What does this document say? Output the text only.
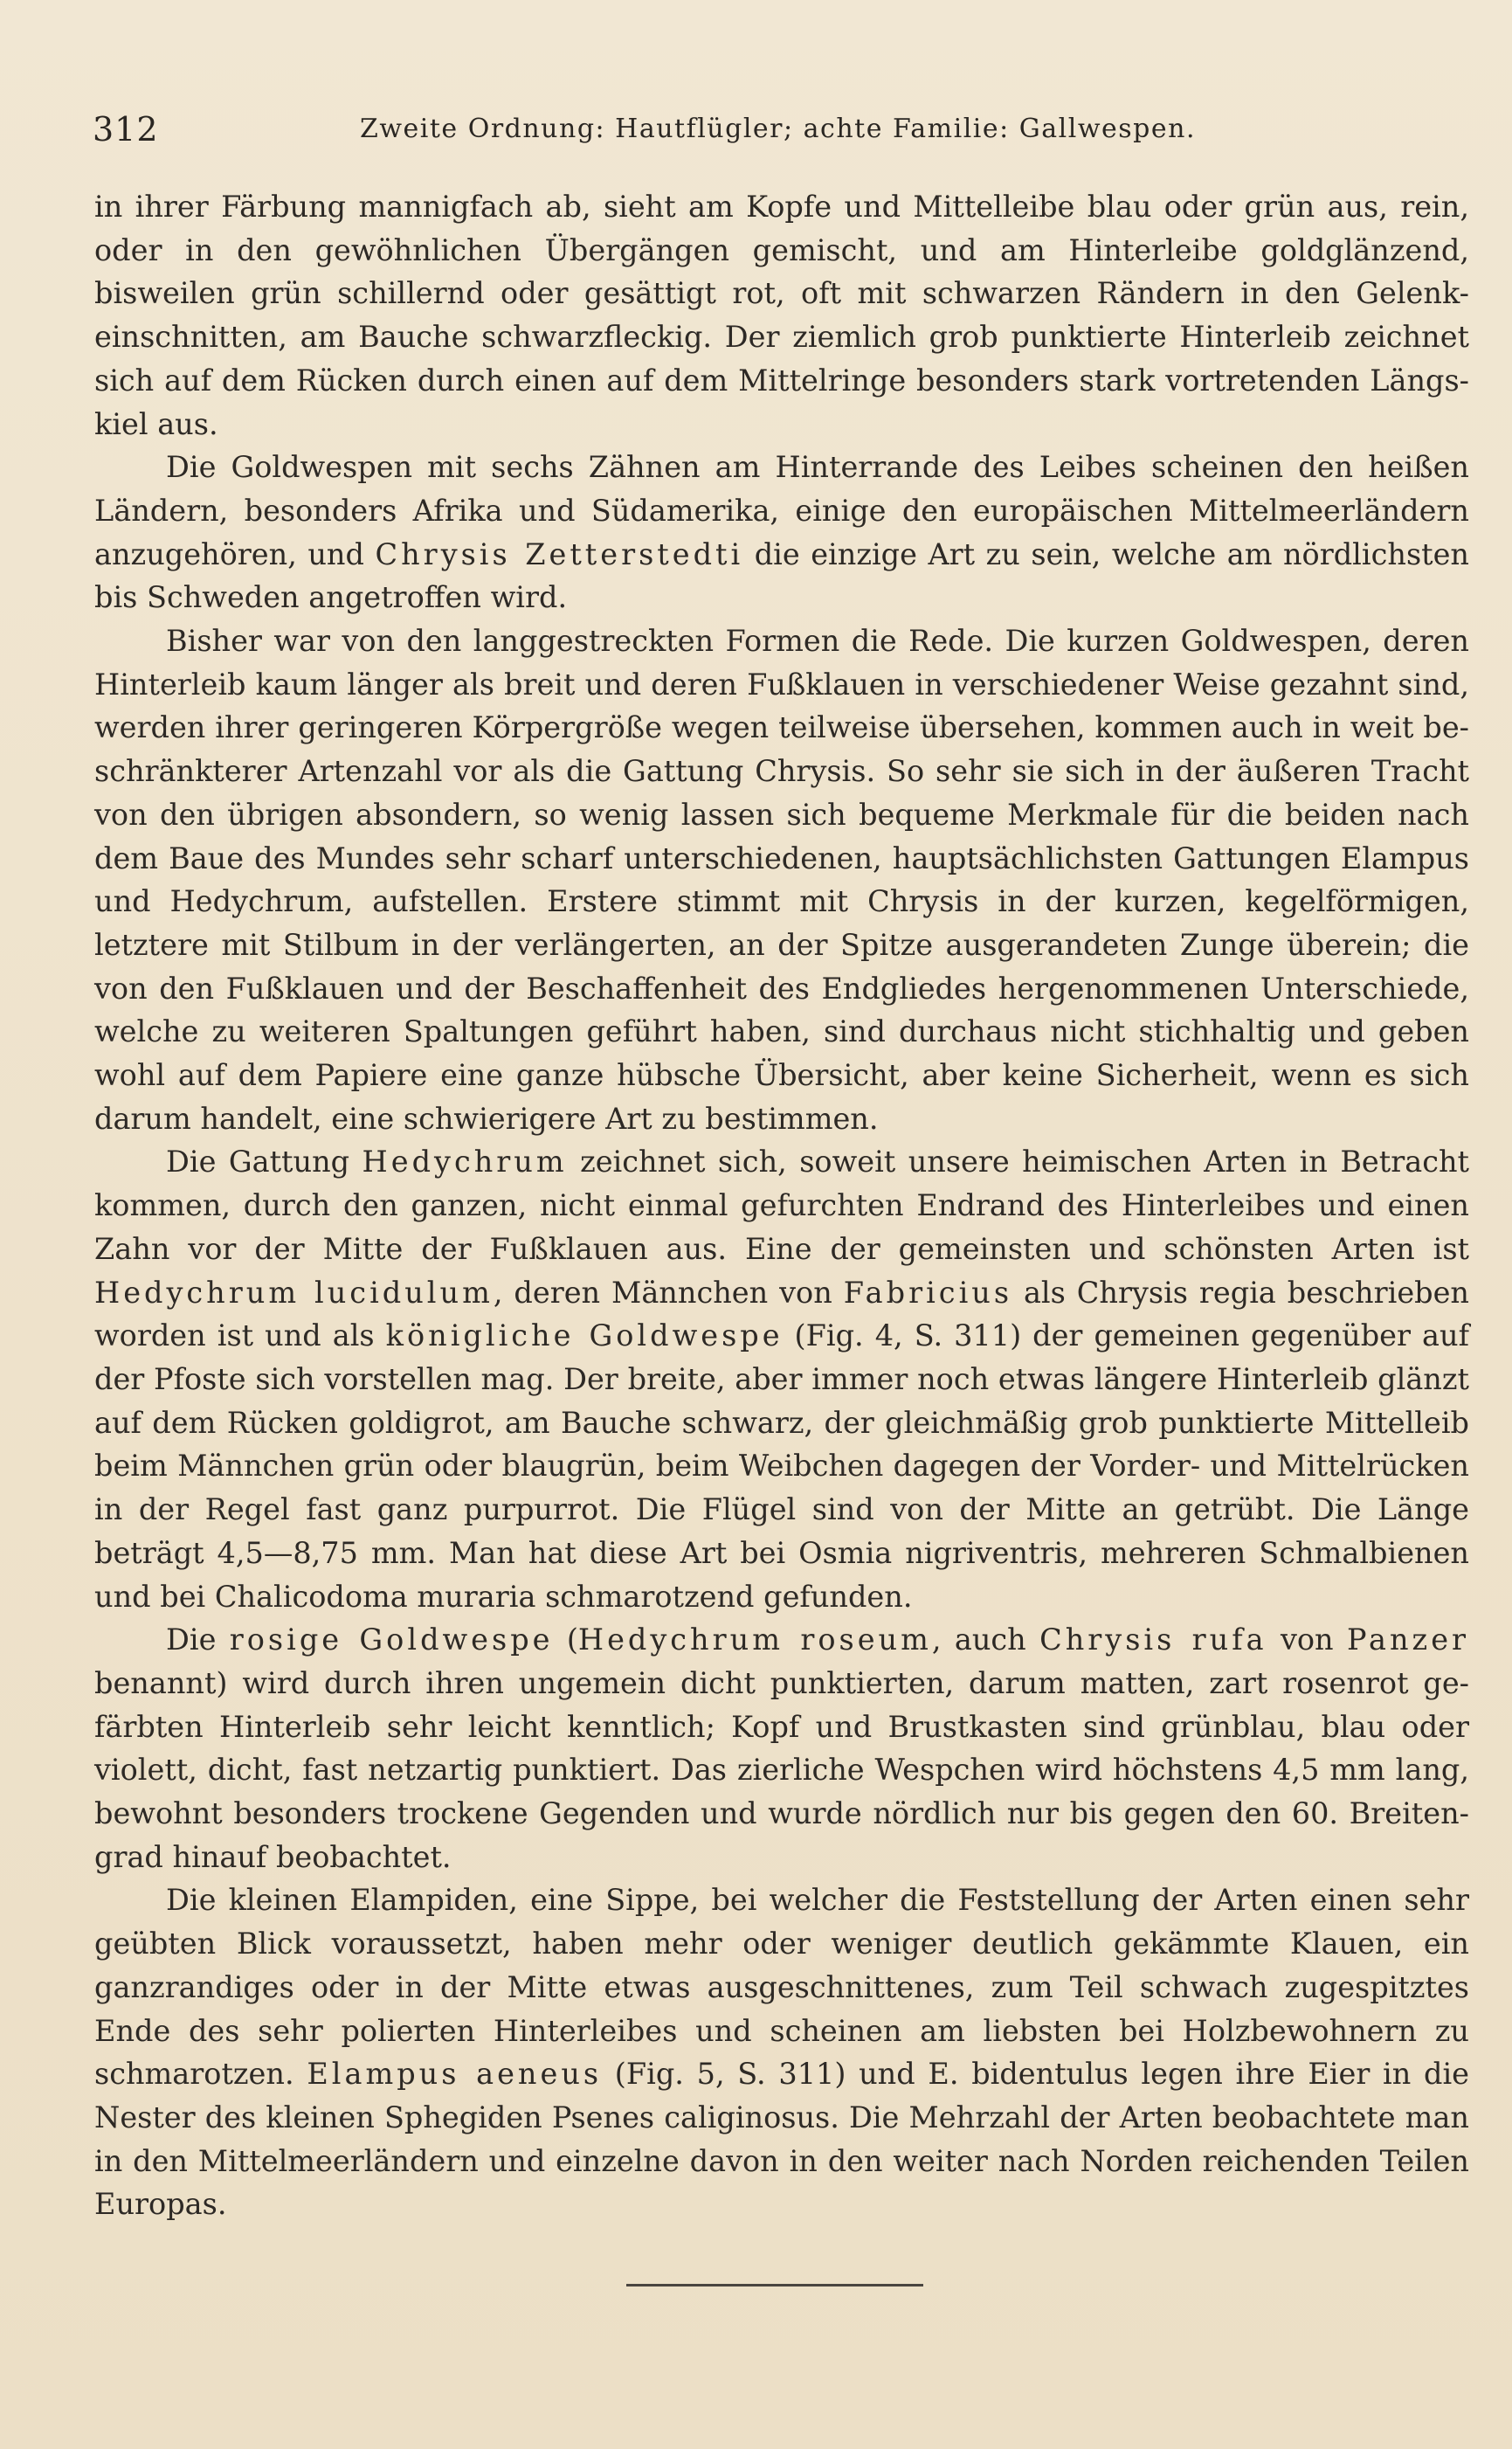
312	Zweite Ordnung: Hautflügler; achte Familie: Gallwespen.

in ihrer Färbung mannigfach ab, sieht am Kopfe und Mittelleibe blau oder grün aus, rein, oder in den gewöhnlichen Übergängen gemischt, und am Hinterleibe goldglänzend, bisweilen grün schillernd oder gesättigt rot, oft mit schwarzen Rändern in den Gelenk-einschnitten, am Bauche schwarzfleckig. Der ziemlich grob punktierte Hinterleib zeichnet sich auf dem Rücken durch einen auf dem Mittelringe besonders stark vortretenden Längs-kiel aus.

Die Goldwespen mit sechs Zähnen am Hinterrande des Leibes scheinen den heißen Ländern, besonders Afrika und Südamerika, einige den europäischen Mittelmeerländern anzugehören, und Chrysis Zetterstedti die einzige Art zu sein, welche am nördlichsten bis Schweden angetroffen wird.

Bisher war von den langgestreckten Formen die Rede. Die kurzen Goldwespen, deren Hinterleib kaum länger als breit und deren Fußklauen in verschiedener Weise gezahnt sind, werden ihrer geringeren Körpergröße wegen teilweise übersehen, kommen auch in weit be-schränkterer Artenzahl vor als die Gattung Chrysis. So sehr sie sich in der äußeren Tracht von den übrigen absondern, so wenig lassen sich bequeme Merkmale für die beiden nach dem Baue des Mundes sehr scharf unterschiedenen, hauptsächlichsten Gattungen Elampus und Hedychrum, aufstellen. Erstere stimmt mit Chrysis in der kurzen, kegelförmigen, letztere mit Stilbum in der verlängerten, an der Spitze ausgerandeten Zunge überein; die von den Fußklauen und der Beschaffenheit des Endgliedes hergenommenen Unterschiede, welche zu weiteren Spaltungen geführt haben, sind durchaus nicht stichhaltig und geben wohl auf dem Papiere eine ganze hübsche Übersicht, aber keine Sicherheit, wenn es sich darum handelt, eine schwierigere Art zu bestimmen.

Die Gattung Hedychrum zeichnet sich, soweit unsere heimischen Arten in Betracht kommen, durch den ganzen, nicht einmal gefurchten Endrand des Hinterleibes und einen Zahn vor der Mitte der Fußklauen aus. Eine der gemeinsten und schönsten Arten ist Hedychrum lucidulum, deren Männchen von Fabricius als Chrysis regia beschrieben worden ist und als königliche Goldwespe (Fig. 4, S. 311) der gemeinen gegenüber auf der Pfoste sich vorstellen mag. Der breite, aber immer noch etwas längere Hinterleib glänzt auf dem Rücken goldigrot, am Bauche schwarz, der gleichmäßig grob punktierte Mittelleib beim Männchen grün oder blaugrün, beim Weibchen dagegen der Vorder- und Mittelrücken in der Regel fast ganz purpurrot. Die Flügel sind von der Mitte an getrübt. Die Länge beträgt 4,5—8,75 mm. Man hat diese Art bei Osmia nigriventris, mehreren Schmalbienen und bei Chalicodoma muraria schmarotzend gefunden.

Die rosige Goldwespe (Hedychrum roseum, auch Chrysis rufa von Panzer benannt) wird durch ihren ungemein dicht punktierten, darum matten, zart rosenrot ge-färbten Hinterleib sehr leicht kenntlich; Kopf und Brustkasten sind grünblau, blau oder violett, dicht, fast netzartig punktiert. Das zierliche Wespchen wird höchstens 4,5 mm lang, bewohnt besonders trockene Gegenden und wurde nördlich nur bis gegen den 60. Breiten-grad hinauf beobachtet.

Die kleinen Elampiden, eine Sippe, bei welcher die Feststellung der Arten einen sehr geübten Blick voraussetzt, haben mehr oder weniger deutlich gekämmte Klauen, ein ganzrandiges oder in der Mitte etwas ausgeschnittenes, zum Teil schwach zugespitztes Ende des sehr polierten Hinterleibes und scheinen am liebsten bei Holzbewohnern zu schmarotzen. Elampus aeneus (Fig. 5, S. 311) und E. bidentulus legen ihre Eier in die Nester des kleinen Sphegiden Psenes caliginosus. Die Mehrzahl der Arten beobachtete man in den Mittelmeerländern und einzelne davon in den weiter nach Norden reichenden Teilen Europas.
